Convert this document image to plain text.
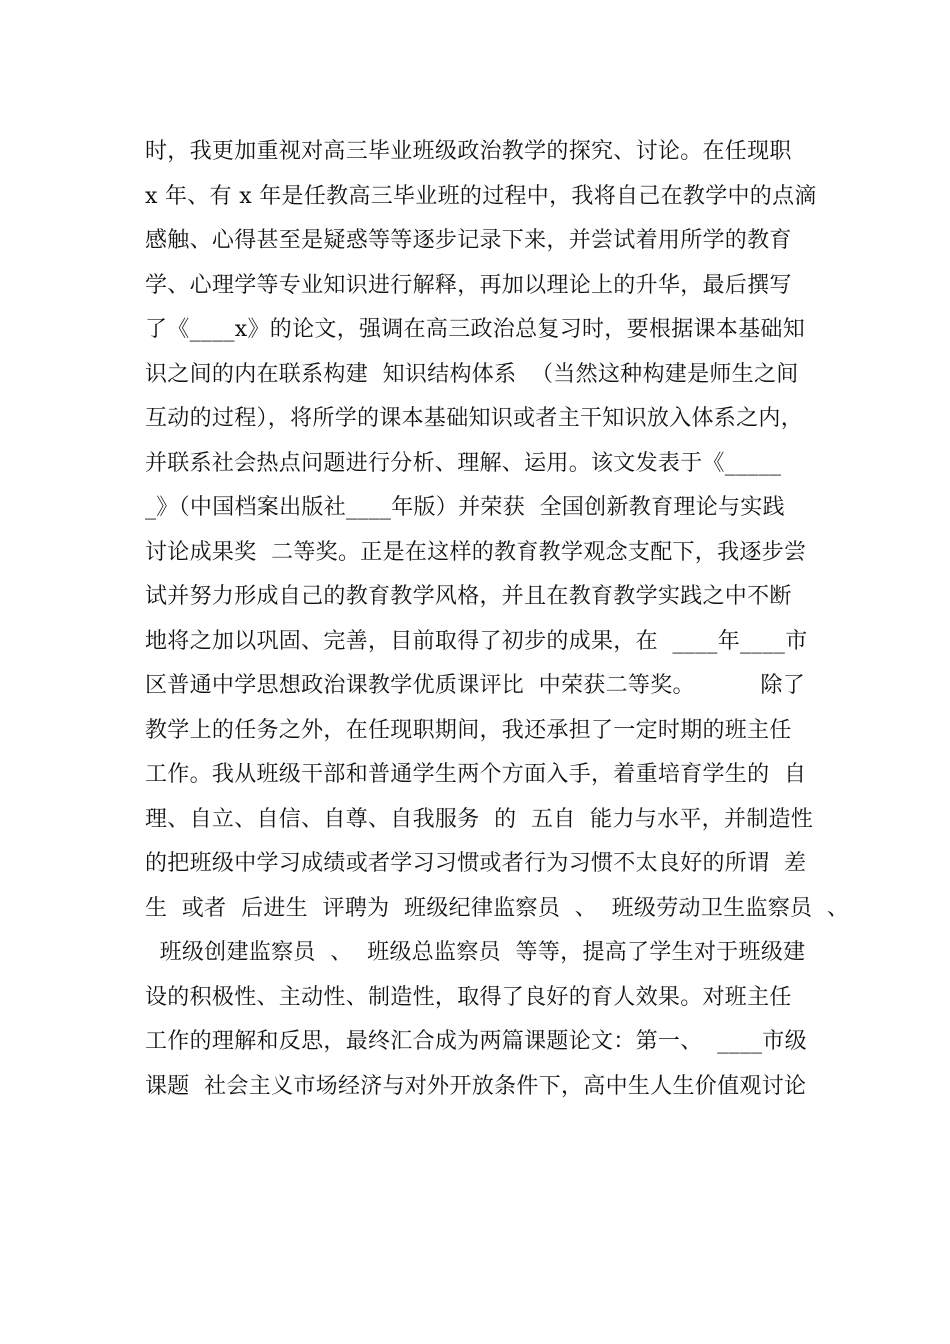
时，我更加重视对高三毕业班级政治教学的探究、讨论。在任现职
x 年、有 x 年是任教高三毕业班的过程中，我将自己在教学中的点滴
感触、心得甚至是疑惑等等逐步记录下来，并尝试着用所学的教育
学、心理学等专业知识进行解释，再加以理论上的升华，最后撰写
了《____x》的论文，强调在高三政治总复习时，要根据课本基础知
识之间的内在联系构建  知识结构体系  （当然这种构建是师生之间
互动的过程），将所学的课本基础知识或者主干知识放入体系之内，
并联系社会热点问题进行分析、理解、运用。该文发表于《_____
_》（中国档案出版社____年版）并荣获  全国创新教育理论与实践
讨论成果奖  二等奖。正是在这样的教育教学观念支配下，我逐步尝
试并努力形成自己的教育教学风格，并且在教育教学实践之中不断
地将之加以巩固、完善，目前取得了初步的成果，在  ____年____市
区普通中学思想政治课教学优质课评比  中荣获二等奖。         除了
教学上的任务之外，在任现职期间，我还承担了一定时期的班主任
工作。我从班级干部和普通学生两个方面入手，着重培育学生的  自
理、自立、自信、自尊、自我服务  的  五自  能力与水平，并制造性
的把班级中学习成绩或者学习习惯或者行为习惯不太良好的所谓  差
生  或者  后进生  评聘为  班级纪律监察员  、  班级劳动卫生监察员  、
班级创建监察员  、  班级总监察员  等等，提高了学生对于班级建
设的积极性、主动性、制造性，取得了良好的育人效果。对班主任
工作的理解和反思，最终汇合成为两篇课题论文：第一、  ____市级
课题  社会主义市场经济与对外开放条件下，高中生人生价值观讨论
